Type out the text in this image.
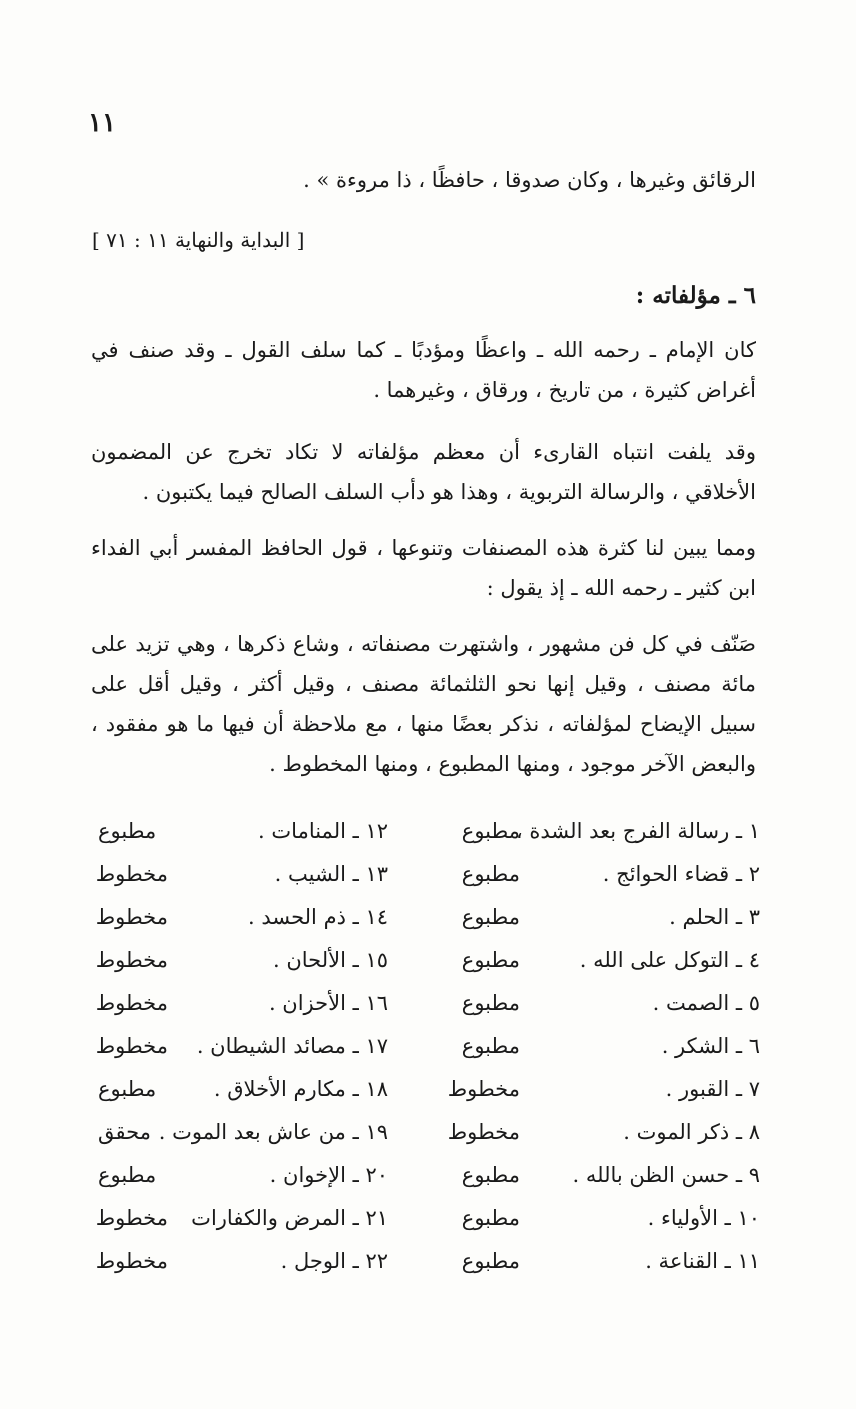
١١
الرقائق وغيرها ، وكان صدوقا ، حافظًا ، ذا مروءة » .
[ البداية والنهاية ١١ : ٧١ ]
٦ ـ مؤلفاته :

كان الإمام ـ رحمه الله ـ واعظًا ومؤدبًا ـ كما سلف القول ـ وقد صنف في أغراض كثيرة ، من تاريخ ، ورقاق ، وغيرهما .

وقد يلفت انتباه القارىء أن معظم مؤلفاته لا تكاد تخرج عن المضمون الأخلاقي ، والرسالة التربوية ، وهذا هو دأب السلف الصالح فيما يكتبون .

ومما يبين لنا كثرة هذه المصنفات وتنوعها ، قول الحافظ المفسر أبي الفداء ابن كثير ـ رحمه الله ـ إذ يقول :

صَنّف في كل فن مشهور ، واشتهرت مصنفاته ، وشاع ذكرها ، وهي تزيد على مائة مصنف ، وقيل إنها نحو الثلثمائة مصنف ، وقيل أكثر ، وقيل أقل على سبيل الإيضاح لمؤلفاته ، نذكر بعضًا منها ، مع ملاحظة أن فيها ما هو مفقود ، والبعض الآخر موجود ، ومنها المطبوع ، ومنها المخطوط .

١ ـ رسالة الفرج بعد الشدة ،
مطبوع
١٢ ـ المنامات .
مطبوع
٢ ـ قضاء الحوائج .
مطبوع
١٣ ـ الشيب .
مخطوط
٣ ـ الحلم .
مطبوع
١٤ ـ ذم الحسد .
مخطوط
٤ ـ التوكل على الله .
مطبوع
١٥ ـ الألحان .
مخطوط
٥ ـ الصمت .
مطبوع
١٦ ـ الأحزان .
مخطوط
٦ ـ الشكر .
مطبوع
١٧ ـ مصائد الشيطان .
مخطوط
٧ ـ القبور .
مخطوط
١٨ ـ مكارم الأخلاق .
مطبوع
٨ ـ ذكر الموت .
مخطوط
١٩ ـ من عاش بعد الموت .
محقق
٩ ـ حسن الظن بالله .
مطبوع
٢٠ ـ الإخوان .
مطبوع
١٠ ـ الأولياء .
مطبوع
٢١ ـ المرض والكفارات
مخطوط
١١ ـ القناعة .
مطبوع
٢٢ ـ الوجل .
مخطوط
